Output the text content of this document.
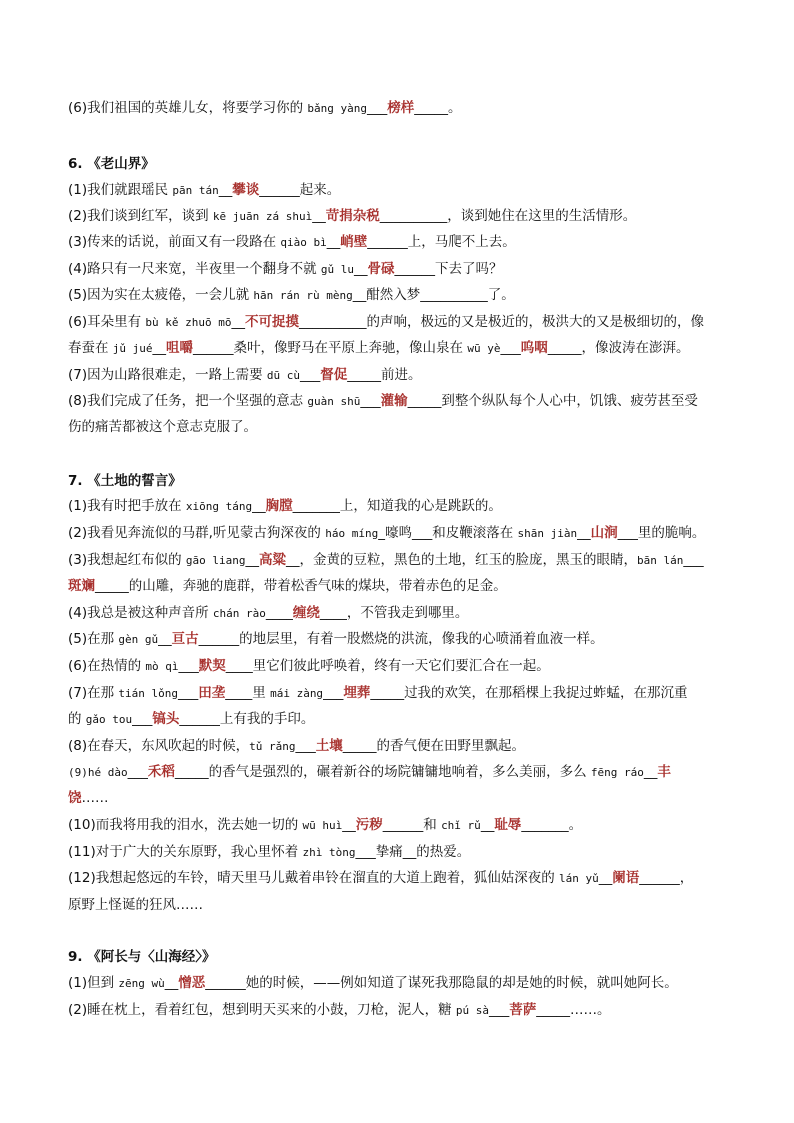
(6)我们祖国的英雄儿女，将要学习你的 bǎng yàng___榜样_____。
6. 《老山界》
(1)我们就跟瑶民 pān tán__攀谈______起来。
(2)我们谈到红军，谈到 kē juān zá shuì__苛捐杂税__________，谈到她住在这里的生活情形。
(3)传来的话说，前面又有一段路在 qiào bì__峭壁______上，马爬不上去。
(4)路只有一尺来宽，半夜里一个翻身不就 gǔ lu__骨碌______下去了吗？
(5)因为实在太疲倦，一会儿就 hān rán rù mèng__酣然入梦__________了。
(6)耳朵里有 bù kě zhuō mō__不可捉摸__________的声响，极远的又是极近的，极洪大的又是极细切的，像
春蚕在 jǔ jué__咀嚼______桑叶，像野马在平原上奔驰，像山泉在 wū yè___呜咽_____，像波涛在澎湃。
(7)因为山路很难走，一路上需要 dū cù___督促_____前进。
(8)我们完成了任务，把一个坚强的意志 guàn shū___灌输_____到整个纵队每个人心中，饥饿、疲劳甚至受
伤的痛苦都被这个意志克服了。
7. 《土地的誓言》
(1)我有时把手放在 xiōng táng__胸膛_______上，知道我的心是跳跃的。
(2)我看见奔流似的马群,听见蒙古狗深夜的 háo míng_嚎鸣___和皮鞭滚落在 shān jiàn__山涧___里的脆响。
(3)我想起红布似的 gāo liang__高粱__，金黄的豆粒，黑色的土地，红玉的脸庞，黑玉的眼睛，bān lán___
斑斓_____的山雕，奔驰的鹿群，带着松香气味的煤块，带着赤色的足金。
(4)我总是被这种声音所 chán rào____缠绕____，不管我走到哪里。
(5)在那 gèn gǔ__亘古______的地层里，有着一股燃烧的洪流，像我的心喷涌着血液一样。
(6)在热情的 mò qì___默契____里它们彼此呼唤着，终有一天它们要汇合在一起。
(7)在那 tián lǒng___田垄____里 mái zàng___埋葬_____过我的欢笑，在那稻棵上我捉过蚱蜢，在那沉重
的 gǎo tou___镐头______上有我的手印。
(8)在春天，东风吹起的时候，tǔ rǎng___土壤_____的香气便在田野里飘起。
(9)hé dào___禾稻_____的香气是强烈的，碾着新谷的场院镛镛地响着，多么美丽，多么 fēng ráo__丰
饶……
(10)而我将用我的泪水，洗去她一切的 wū huì__污秽______和 chǐ rǔ__耻辱_______。
(11)对于广大的关东原野，我心里怀着 zhì tòng___挚痛__的热爱。
(12)我想起悠远的车铃，晴天里马儿戴着串铃在溜直的大道上跑着，狐仙姑深夜的 lán yǔ__阑语______，
原野上怪诞的狂风……
9. 《阿长与〈山海经〉》
(1)但到 zēng wù__憎恶______她的时候，——例如知道了谋死我那隐鼠的却是她的时候，就叫她阿长。
(2)睡在枕上，看着红包，想到明天买来的小鼓，刀枪，泥人，糖 pú sà___菩萨_____……。
